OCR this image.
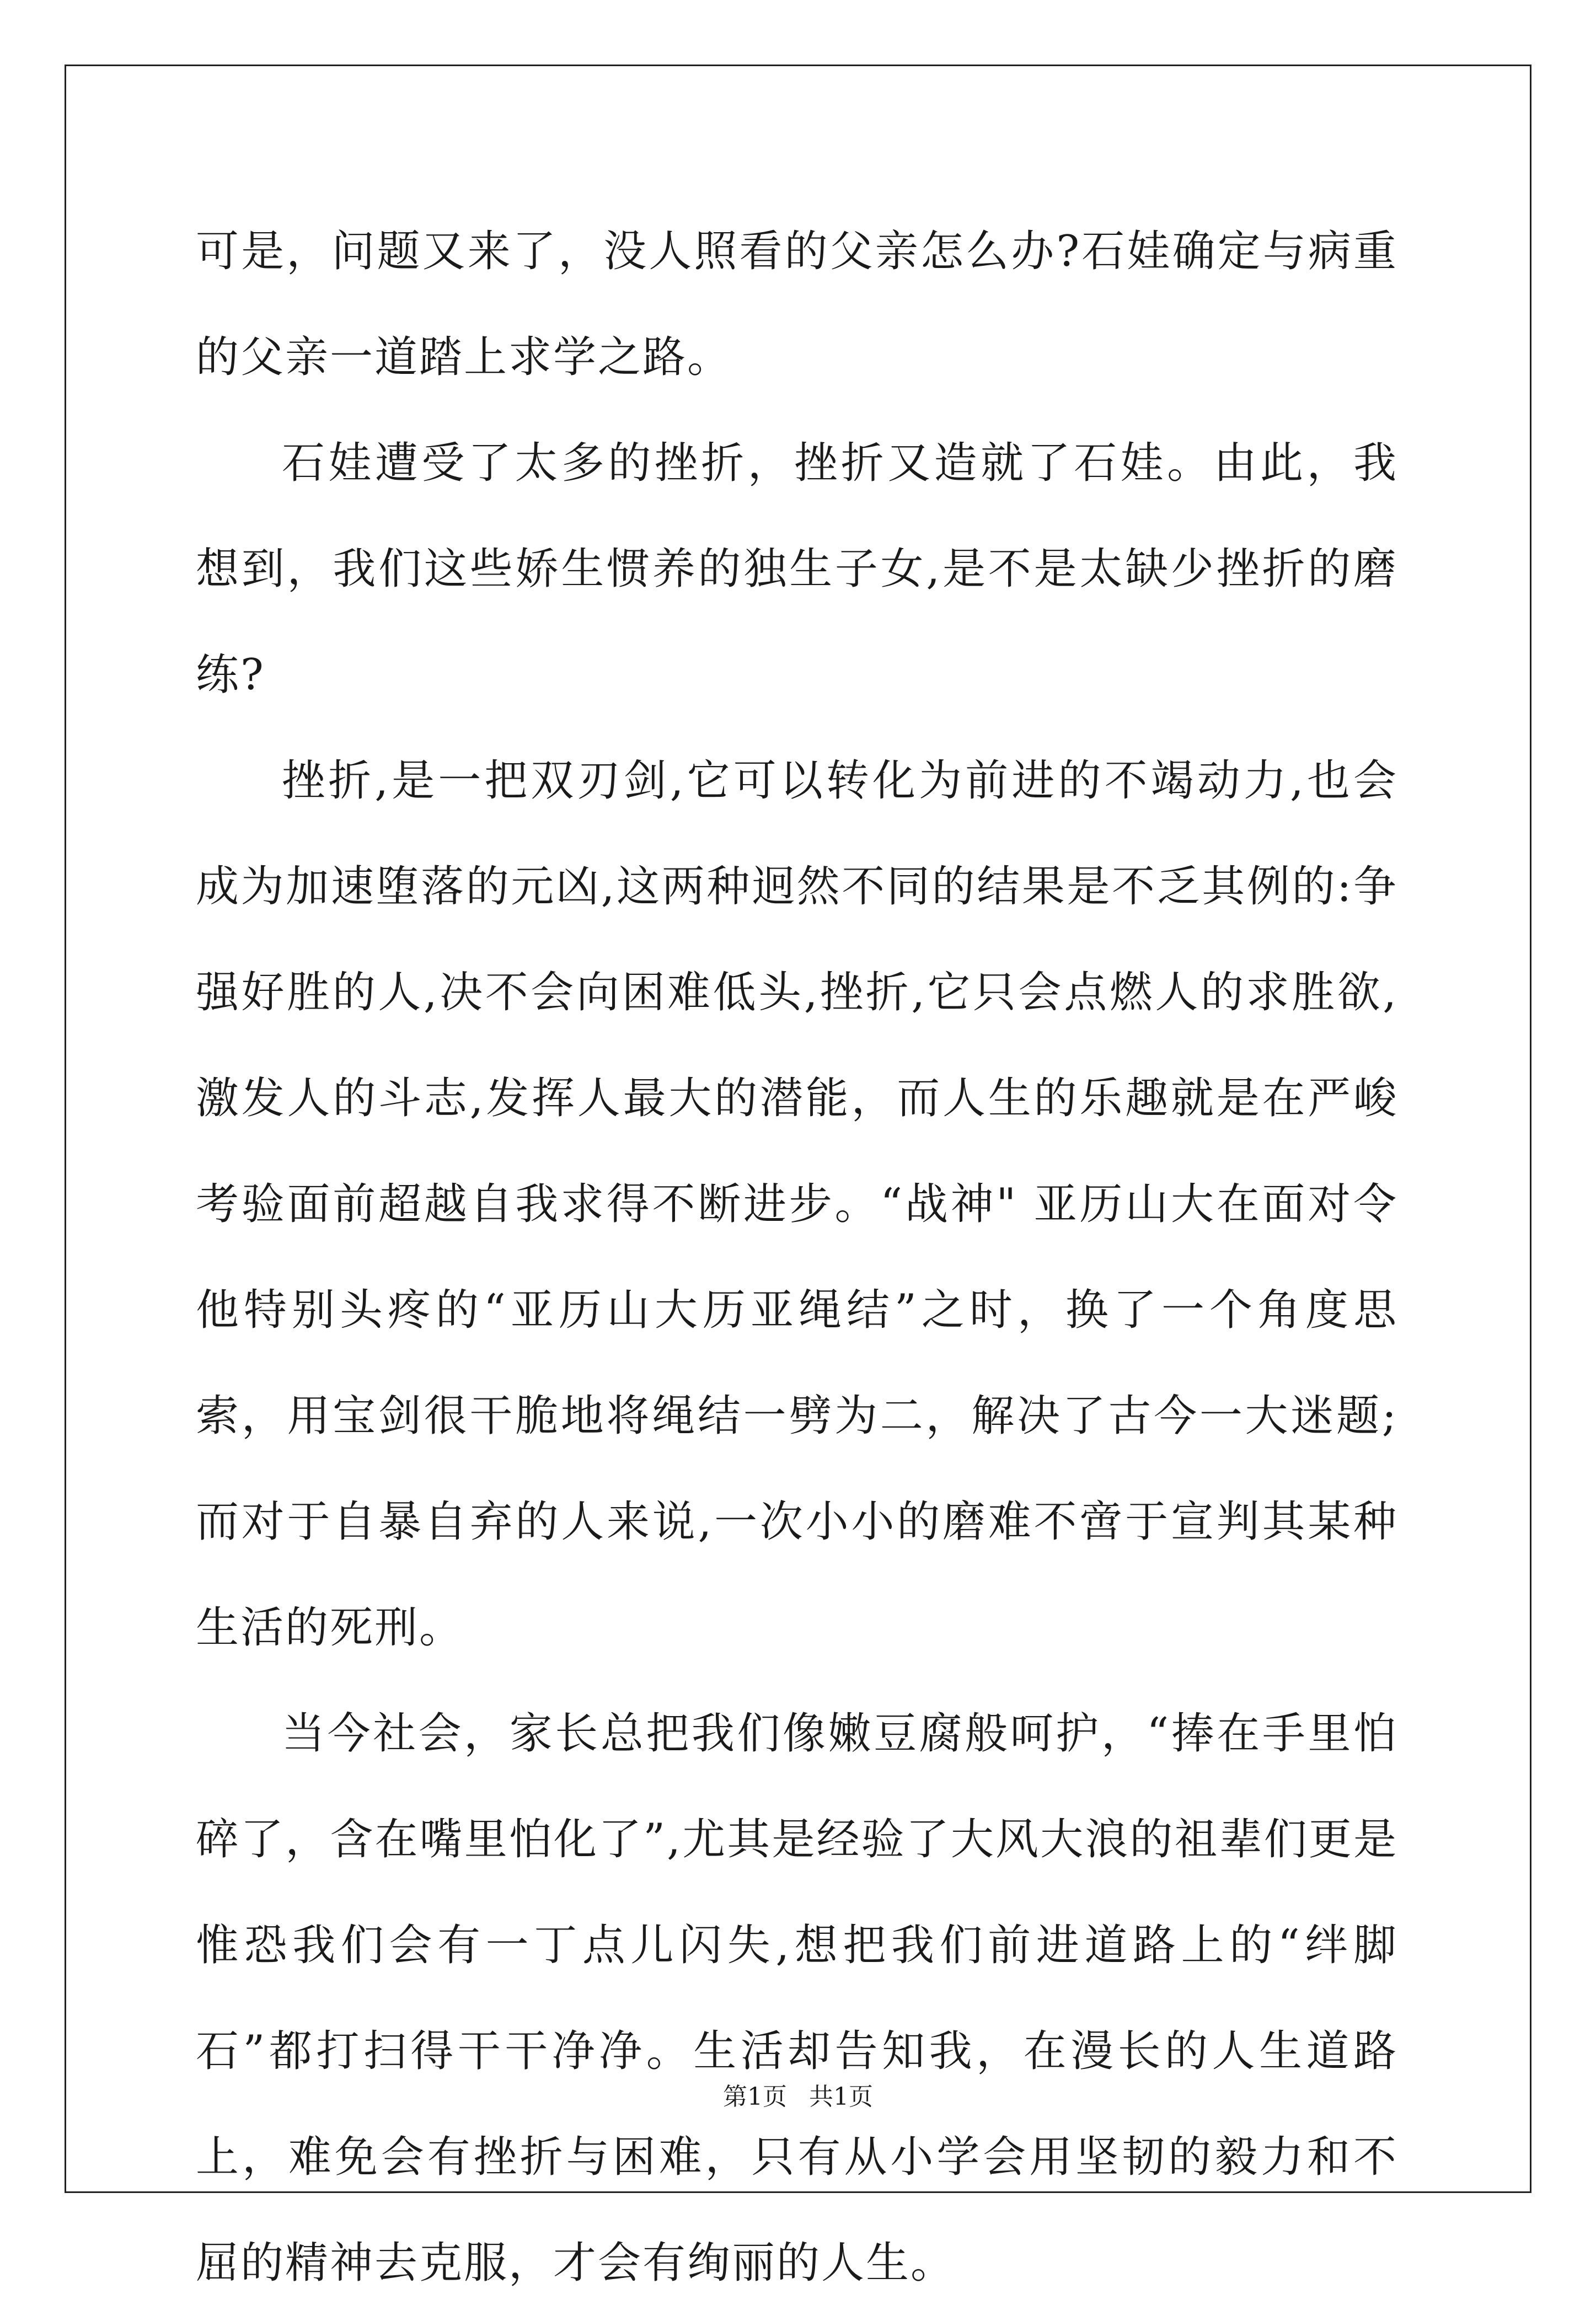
可是，问题又来了，没人照看的父亲怎么办?石娃确定与病重的父亲一道踏上求学之路。

石娃遭受了太多的挫折，挫折又造就了石娃。由此，我想到，我们这些娇生惯养的独生子女,是不是太缺少挫折的磨练?

挫折,是一把双刃剑,它可以转化为前进的不竭动力,也会成为加速堕落的元凶,这两种迥然不同的结果是不乏其例的:争强好胜的人,决不会向困难低头,挫折,它只会点燃人的求胜欲,激发人的斗志,发挥人最大的潜能，而人生的乐趣就是在严峻考验面前超越自我求得不断进步。“战神" 亚历山大在面对令他特别头疼的“亚历山大历亚绳结”之时，换了一个角度思索，用宝剑很干脆地将绳结一劈为二，解决了古今一大迷题;而对于自暴自弃的人来说,一次小小的磨难不啻于宣判其某种生活的死刑。

当今社会，家长总把我们像嫩豆腐般呵护，“捧在手里怕碎了，含在嘴里怕化了”,尤其是经验了大风大浪的祖辈们更是惟恐我们会有一丁点儿闪失,想把我们前进道路上的“绊脚石”都打扫得干干净净。生活却告知我，在漫长的人生道路上，难免会有挫折与困难，只有从小学会用坚韧的毅力和不屈的精神去克服，才会有绚丽的人生。

第1页 共1页
